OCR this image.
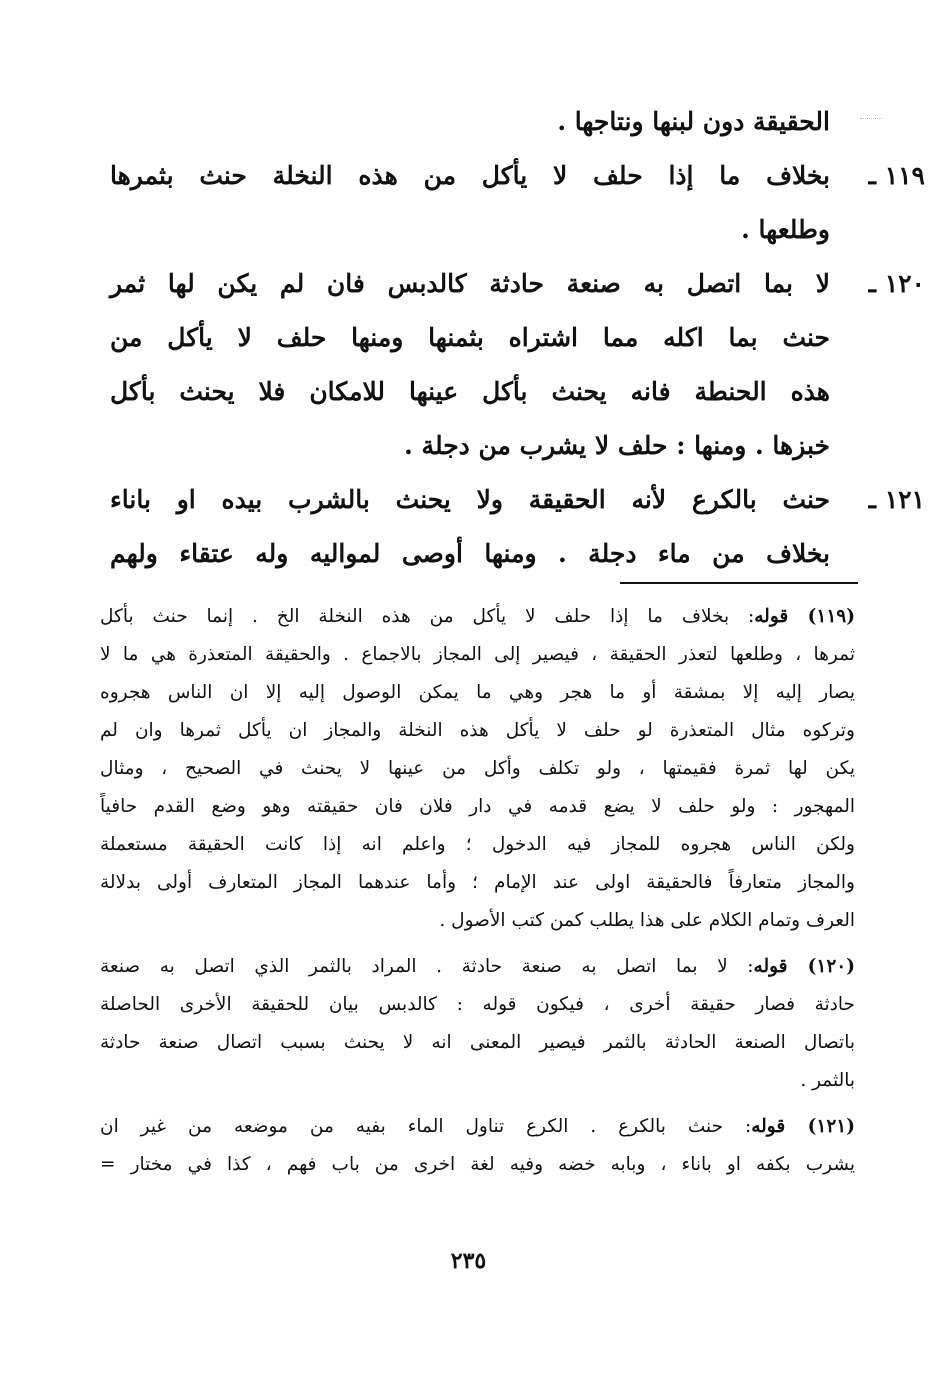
الحقيقة دون لبنها ونتاجها .
١١٩ ـ
بخلاف ما إذا حلف لا يأكل من هذه النخلة حنث بثمرها
وطلعها .
١٢٠ ـ
لا بما اتصل به صنعة حادثة كالدبس فان لم يكن لها ثمر
حنث بما اكله مما اشتراه بثمنها ومنها حلف لا يأكل من
هذه الحنطة فانه يحنث بأكل عينها للامكان فلا يحنث بأكل
خبزها . ومنها : حلف لا يشرب من دجلة .
١٢١ ـ
حنث بالكرع لأنه الحقيقة ولا يحنث بالشرب بيده او باناء
بخلاف من ماء دجلة . ومنها أوصى لمواليه وله عتقاء ولهم
(١١٩) قوله: بخلاف ما إذا حلف لا يأكل من هذه النخلة الخ . إنما حنث بأكل
ثمرها ، وطلعها لتعذر الحقيقة ، فيصير إلى المجاز بالاجماع . والحقيقة المتعذرة هي ما لا
يصار إليه إلا بمشقة أو ما هجر وهي ما يمكن الوصول إليه إلا ان الناس هجروه
وتركوه مثال المتعذرة لو حلف لا يأكل هذه النخلة والمجاز ان يأكل ثمرها وان لم
يكن لها ثمرة فقيمتها ، ولو تكلف وأكل من عينها لا يحنث في الصحيح ، ومثال
المهجور : ولو حلف لا يضع قدمه في دار فلان فان حقيقته وهو وضع القدم حافياً
ولكن الناس هجروه للمجاز فيه الدخول ؛ واعلم انه إذا كانت الحقيقة مستعملة
والمجاز متعارفاً فالحقيقة اولى عند الإمام ؛ وأما عندهما المجاز المتعارف أولى بدلالة
العرف وتمام الكلام على هذا يطلب كمن كتب الأصول .
(١٢٠) قوله: لا بما اتصل به صنعة حادثة . المراد بالثمر الذي اتصل به صنعة
حادثة فصار حقيقة أخرى ، فيكون قوله : كالدبس بيان للحقيقة الأخرى الحاصلة
باتصال الصنعة الحادثة بالثمر فيصير المعنى انه لا يحنث بسبب اتصال صنعة حادثة
بالثمر .
(١٢١) قوله: حنث بالكرع . الكرع تناول الماء بفيه من موضعه من غير ان
يشرب بكفه او باناء ، وبابه خضه وفيه لغة اخرى من باب فهم ، كذا في مختار =
٢٣٥
